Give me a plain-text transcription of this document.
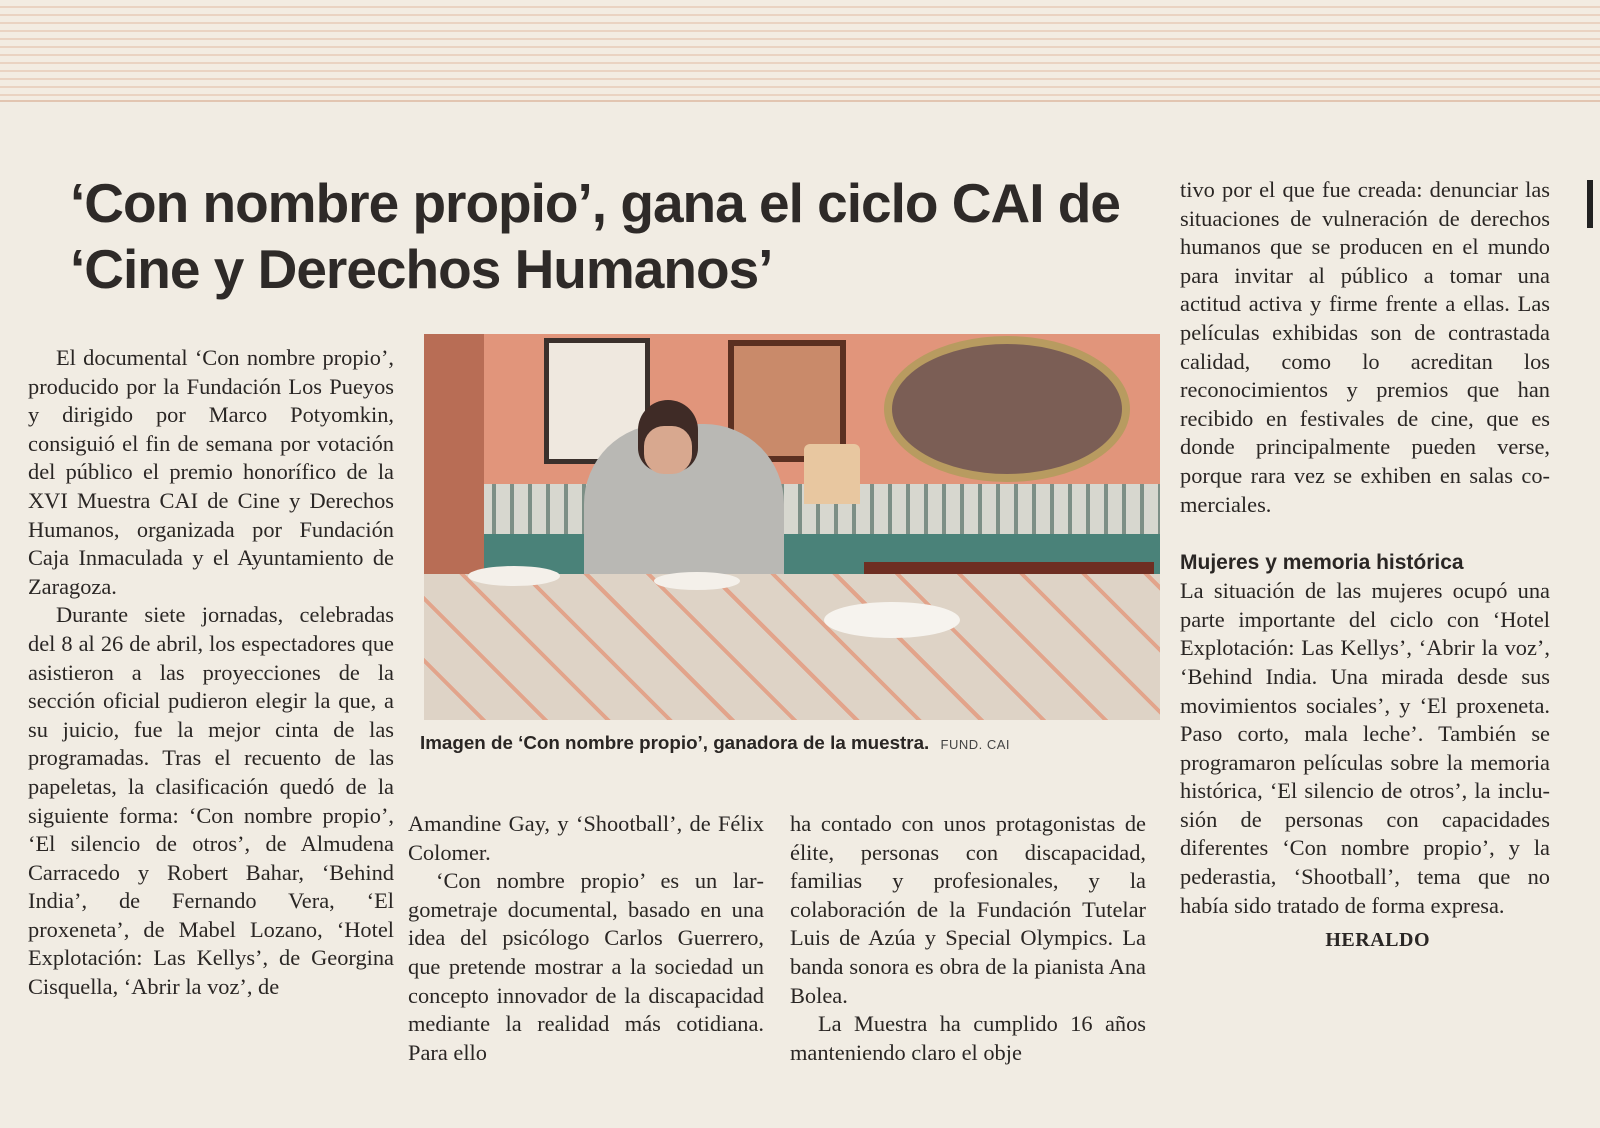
‘Con nombre propio’, gana el ciclo CAI de ‘Cine y Derechos Humanos’

El documental ‘Con nombre propio’, producido por la Fundación Los Pueyos y dirigido por Marco Potyomkin, consiguió el fin de semana por votación del público el premio honorífico de la XVI Muestra CAI de Cine y Derechos Humanos, organizada por Fundación Caja Inmaculada y el Ayuntamiento de Zaragoza.

Durante siete jornadas, celebradas del 8 al 26 de abril, los espectadores que asistieron a las proyecciones de la sección oficial pudieron elegir la que, a su juicio, fue la mejor cinta de las programadas. Tras el recuento de las papeletas, la clasificación quedó de la siguiente forma: ‘Con nombre propio’, ‘El silencio de otros’, de Almudena Carracedo y Robert Bahar, ‘Behind India’, de Fernando Vera, ‘El proxeneta’, de Mabel Lozano, ‘Hotel Explotación: Las Kellys’, de Georgina Cisquella, ‘Abrir la voz’, de

Imagen de ‘Con nombre propio’, ganadora de la muestra. FUND. CAI

Amandine Gay, y ‘Shootball’, de Félix Colomer.

‘Con nombre propio’ es un largometraje documental, basado en una idea del psicólogo Carlos Guerrero, que pretende mostrar a la sociedad un concepto innovador de la discapacidad mediante la realidad más cotidiana. Para ello

ha contado con unos protagonistas de élite, personas con discapacidad, familias y profesionales, y la colaboración de la Fundación Tutelar Luis de Azúa y Special Olympics. La banda sonora es obra de la pianista Ana Bolea.

La Muestra ha cumplido 16 años manteniendo claro el obje

tivo por el que fue creada: denunciar las situaciones de vulneración de derechos humanos que se producen en el mundo para invitar al público a tomar una actitud activa y firme frente a ellas. Las películas exhibidas son de contrastada calidad, como lo acreditan los reconocimientos y premios que han recibido en festivales de cine, que es donde principalmente pueden verse, porque rara vez se exhiben en salas comerciales.

Mujeres y memoria histórica

La situación de las mujeres ocupó una parte importante del ciclo con ‘Hotel Explotación: Las Kellys’, ‘Abrir la voz’, ‘Behind India. Una mirada desde sus movimientos sociales’, y ‘El proxeneta. Paso corto, mala leche’. También se programaron películas sobre la memoria histórica, ‘El silencio de otros’, la inclusión de personas con capacidades diferentes ‘Con nombre propio’, y la pederastia, ‘Shootball’, tema que no había sido tratado de forma expresa.

HERALDO
